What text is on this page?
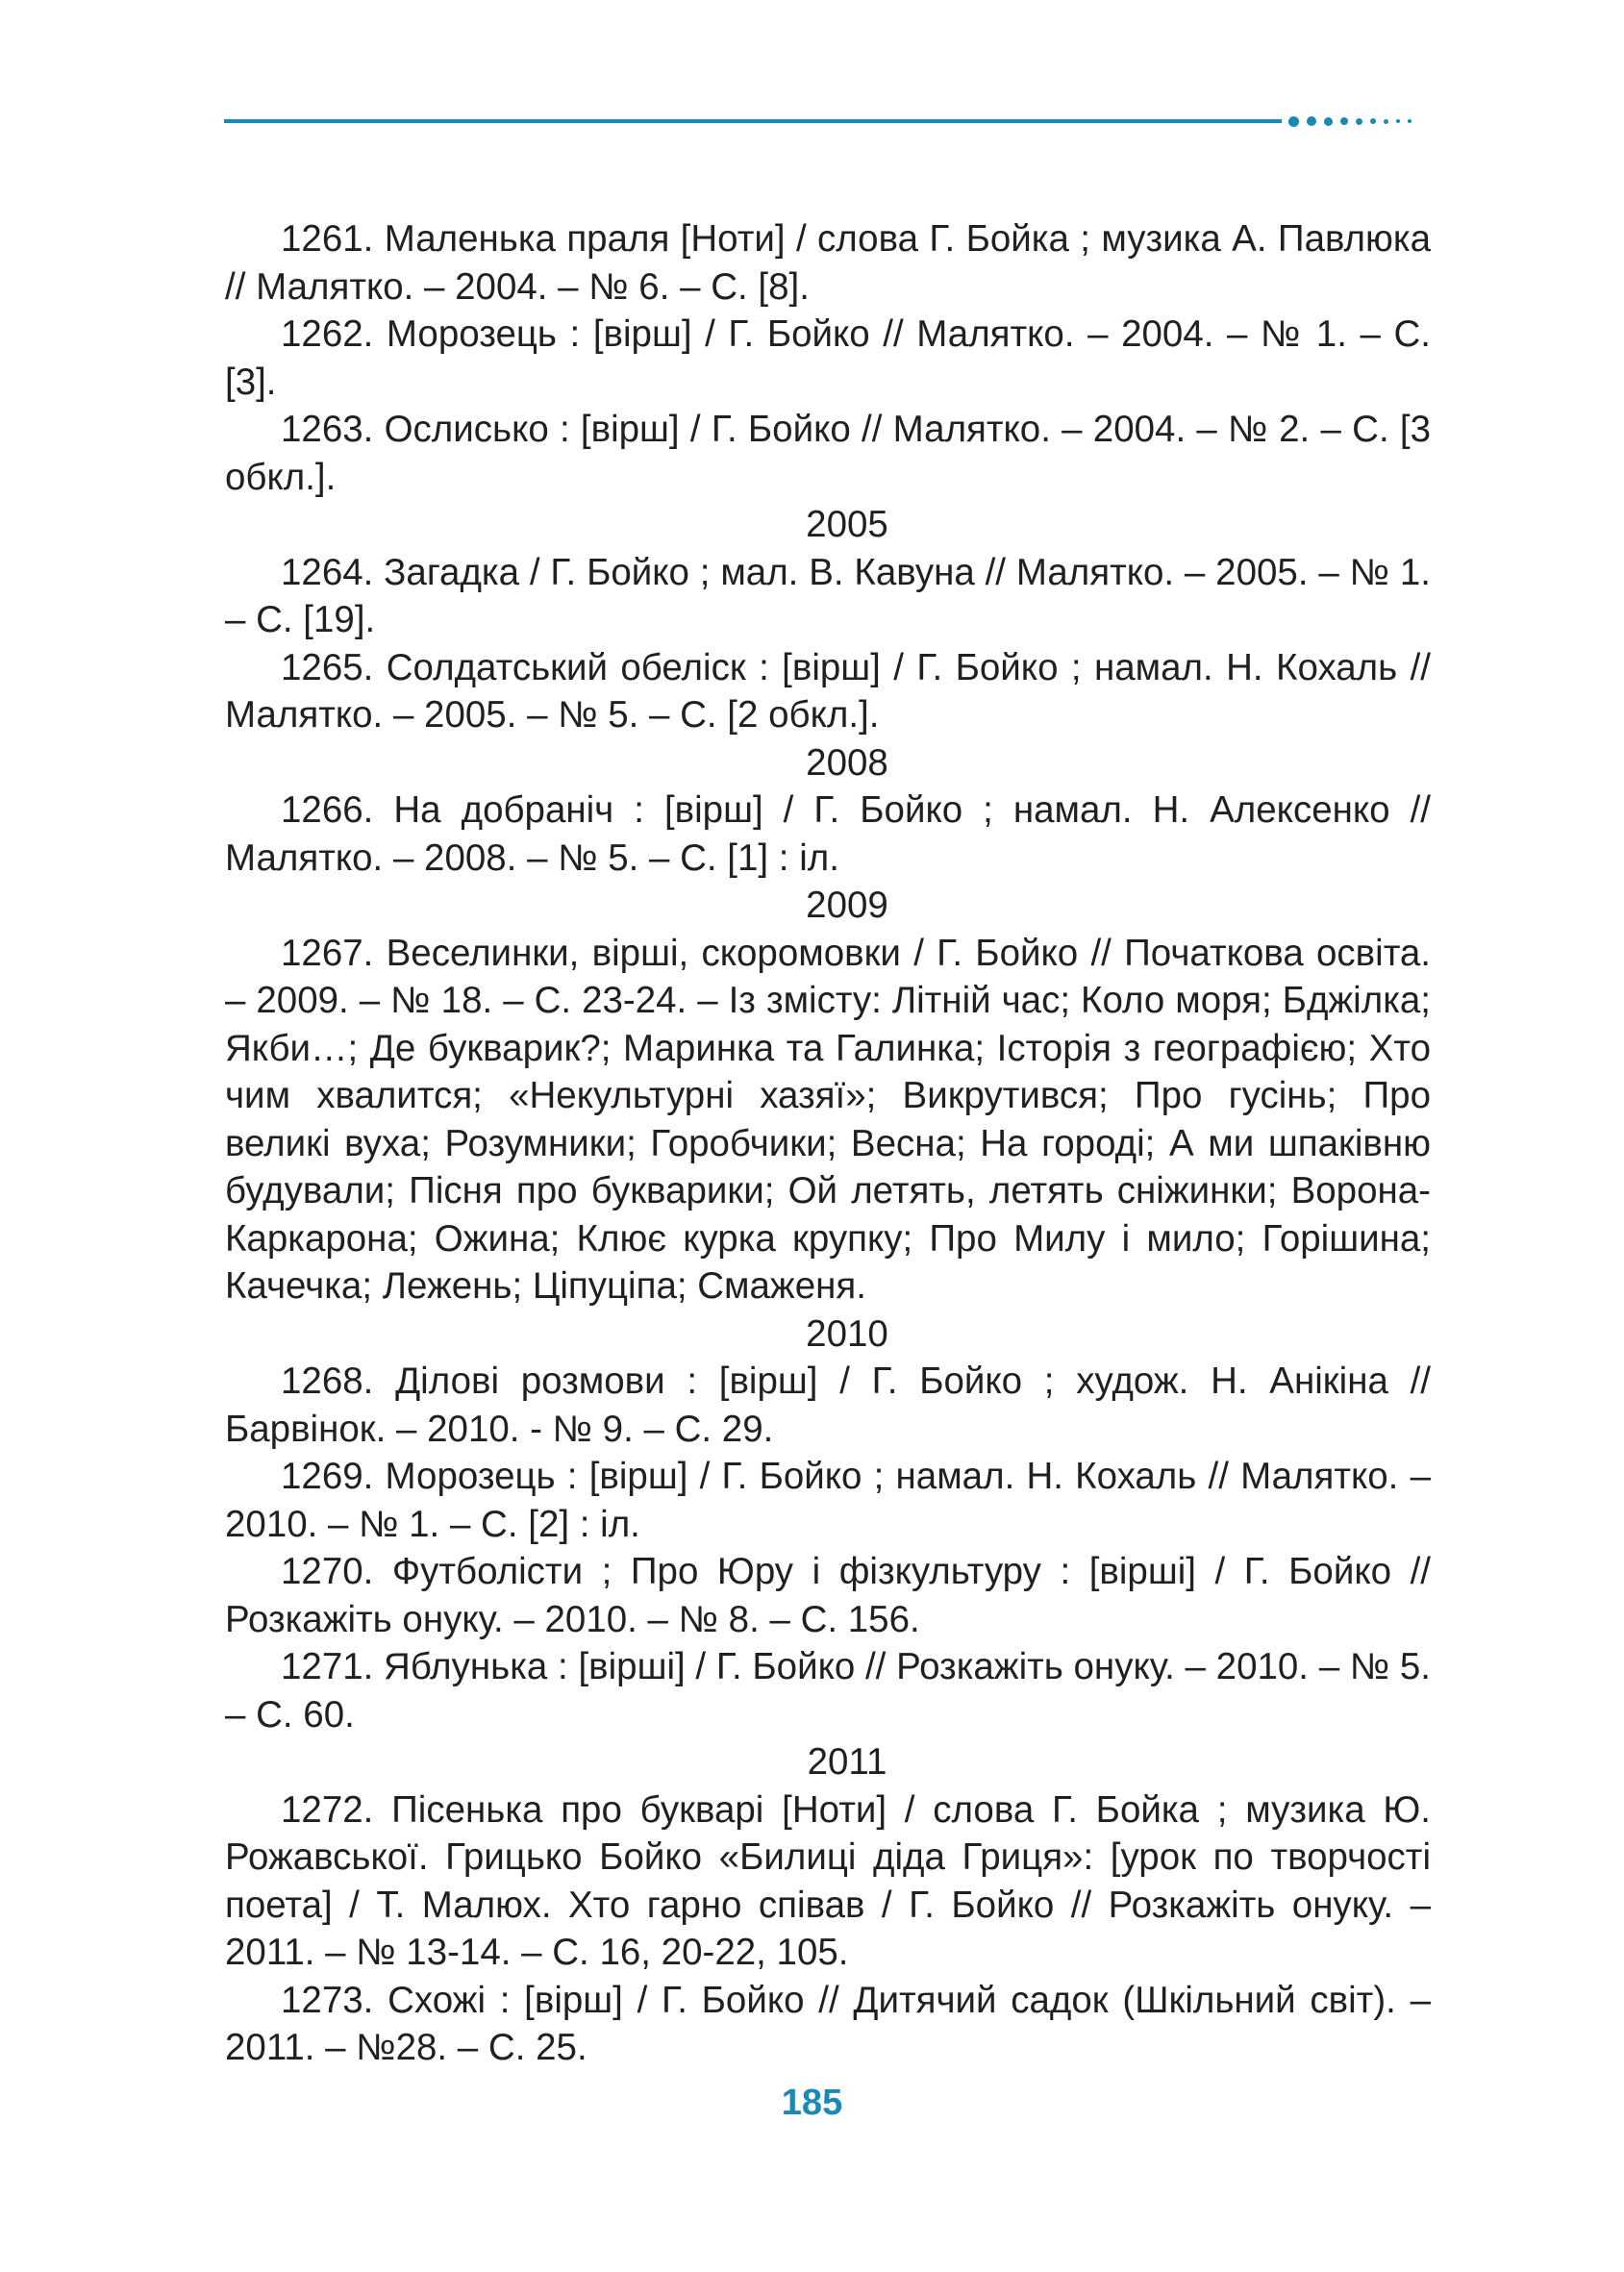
1261. Маленька праля [Ноти] / слова Г. Бойка ; музика А. Павлюка // Малятко. – 2004. – № 6. – С. [8].

1262. Морозець : [вірш] / Г. Бойко // Малятко. – 2004. – № 1. – С. [3].

1263. Ослисько : [вірш] / Г. Бойко // Малятко. – 2004. – № 2. – С. [3 обкл.].

2005

1264. Загадка / Г. Бойко ; мал. В. Кавуна // Малятко. – 2005. – № 1. – С. [19].

1265. Солдатський обеліск : [вірш] / Г. Бойко ; намал. Н. Кохаль // Малятко. – 2005. – № 5. – С. [2 обкл.].

2008

1266. На добраніч : [вірш] / Г. Бойко ; намал. Н. Алексенко // Малятко. – 2008. – № 5. – С. [1] : іл.

2009

1267. Веселинки, вірші, скоромовки / Г. Бойко // Початкова освіта. – 2009. – № 18. – С. 23-24. – Із змісту: Літній час; Коло моря; Бджілка; Якби…; Де букварик?; Маринка та Галинка; Історія з географією; Хто чим хвалится; «Некультурні хазяї»; Викрутився; Про гусінь; Про великі вуха; Розумники; Горобчики; Весна; На городі; А ми шпаківню будували; Пісня про букварики; Ой летять, летять сніжинки; Ворона-Каркарона; Ожина; Клює курка крупку; Про Милу і мило; Горішина; Качечка; Лежень; Ціпуціпа; Смаженя.

2010

1268. Ділові розмови : [вірш] / Г. Бойко ; худож. Н. Анікіна // Барвінок. – 2010. - № 9. – С. 29.

1269. Морозець : [вірш] / Г. Бойко ; намал. Н. Кохаль // Малятко. – 2010. – № 1. – С. [2] : іл.

1270. Футболісти ; Про Юру і фізкультуру : [вірші] / Г. Бойко // Розкажіть онуку. – 2010. – № 8. – С. 156.

1271. Яблунька : [вірші] / Г. Бойко // Розкажіть онуку. – 2010. – № 5. – С. 60.

2011

1272. Пісенька про букварі [Ноти] / слова Г. Бойка ; музика Ю. Рожавської. Грицько Бойко «Билиці діда Гриця»: [урок по творчості поета] / Т. Малюх. Хто гарно співав / Г. Бойко // Розкажіть онуку. – 2011. – № 13-14. – С. 16, 20-22, 105.

1273. Схожі : [вірш] / Г. Бойко // Дитячий садок (Шкільний світ). – 2011. – №28. – С. 25.

185
